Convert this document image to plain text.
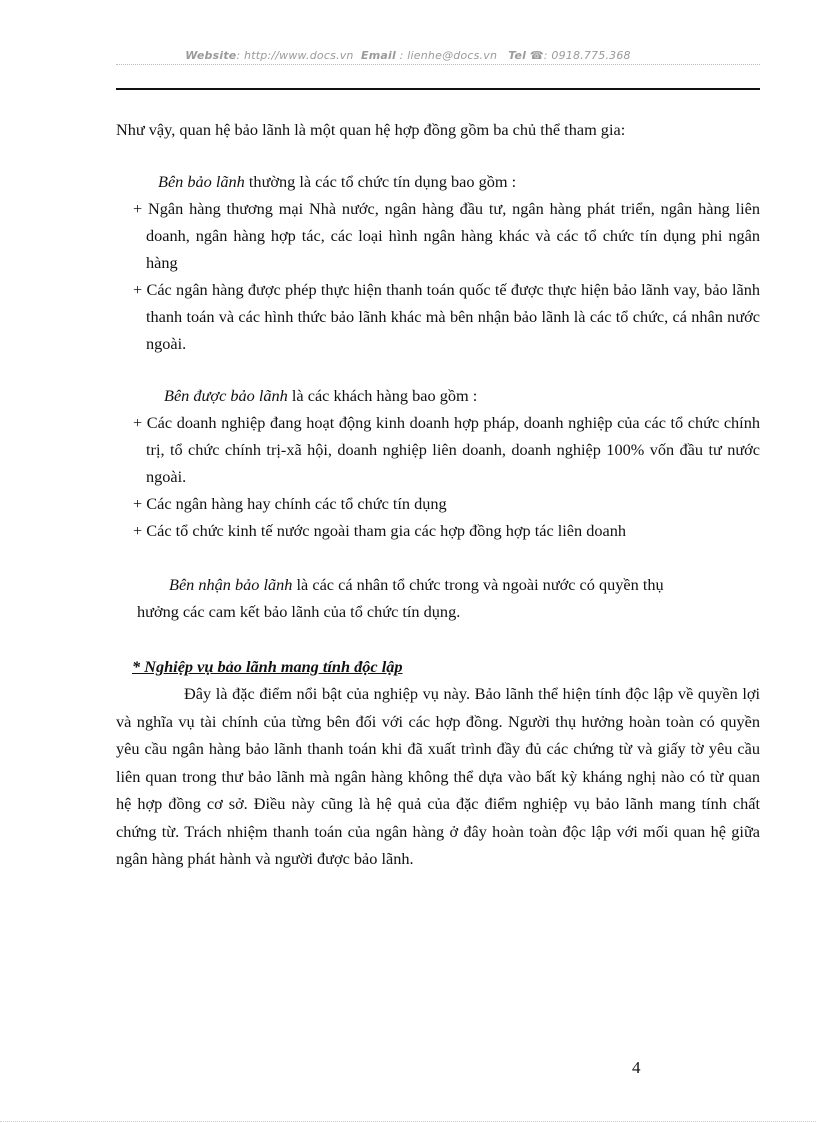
Website: http://www.docs.vn Email : lienhe@docs.vn Tel ☎: 0918.775.368

Như vậy, quan hệ bảo lãnh là một quan hệ hợp đồng gồm ba chủ thể tham gia:

Bên bảo lãnh thường là các tổ chức tín dụng bao gồm :

+ Ngân hàng thương mại Nhà nước, ngân hàng đầu tư, ngân hàng phát triển, ngân hàng liên doanh, ngân hàng hợp tác, các loại hình ngân hàng khác và các tổ chức tín dụng phi ngân hàng

+ Các ngân hàng được phép thực hiện thanh toán quốc tế được thực hiện bảo lãnh vay, bảo lãnh thanh toán và các hình thức bảo lãnh khác mà bên nhận bảo lãnh là các tổ chức, cá nhân nước ngoài.

Bên được bảo lãnh là các khách hàng bao gồm :

+ Các doanh nghiệp đang hoạt động kinh doanh hợp pháp, doanh nghiệp của các tổ chức chính trị, tổ chức chính trị-xã hội, doanh nghiệp liên doanh, doanh nghiệp 100% vốn đầu tư nước ngoài.

+ Các ngân hàng hay chính các tổ chức tín dụng

+ Các tổ chức kinh tế nước ngoài tham gia các hợp đồng hợp tác liên doanh

Bên nhận bảo lãnh là các cá nhân tổ chức trong và ngoài nước có quyền thụ

hưởng các cam kết bảo lãnh của tổ chức tín dụng.

* Nghiệp vụ bảo lãnh mang tính độc lập

Đây là đặc điểm nổi bật của nghiệp vụ này. Bảo lãnh thể hiện tính độc lập về quyền lợi và nghĩa vụ tài chính của từng bên đối với các hợp đồng. Người thụ hưởng hoàn toàn có quyền yêu cầu ngân hàng bảo lãnh thanh toán khi đã xuất trình đầy đủ các chứng từ và giấy tờ yêu cầu liên quan trong thư bảo lãnh mà ngân hàng không thể dựa vào bất kỳ kháng nghị nào có từ quan hệ hợp đồng cơ sở. Điều này cũng là hệ quả của đặc điểm nghiệp vụ bảo lãnh mang tính chất chứng từ. Trách nhiệm thanh toán của ngân hàng ở đây hoàn toàn độc lập với mối quan hệ giữa ngân hàng phát hành và người được bảo lãnh.

4
